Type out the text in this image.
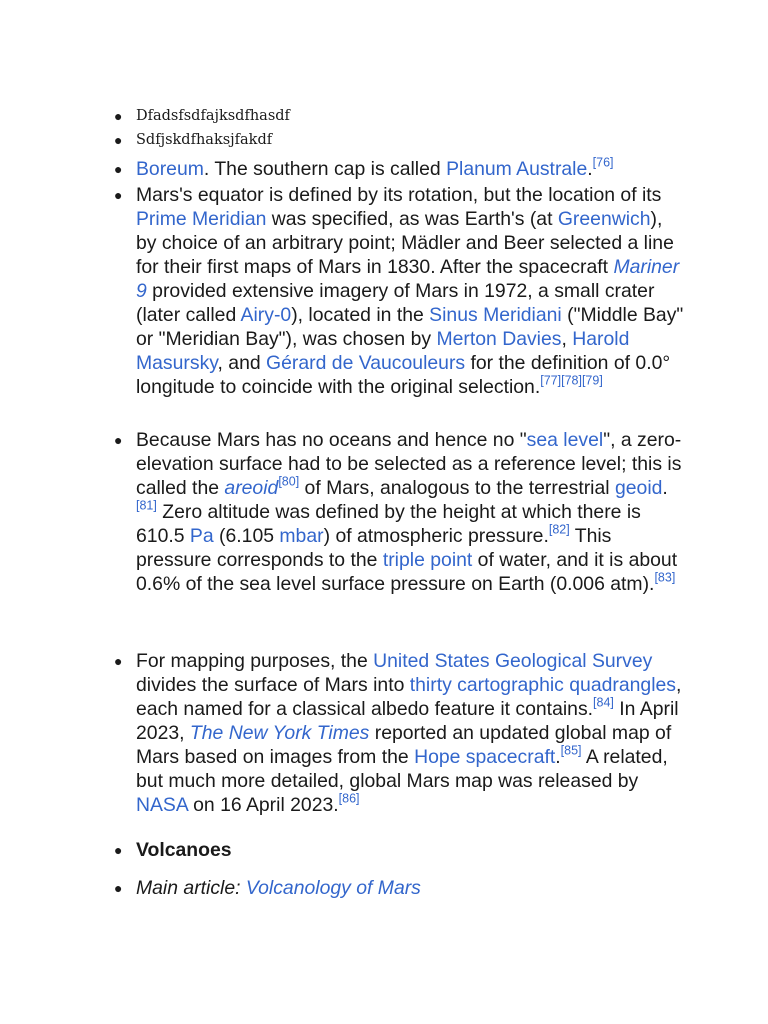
● Dfadsfsdfajksdfhasdf
● Sdfjskdfhaksjfakdf
● Boreum. The southern cap is called Planum Australe.[76]
● Mars's equator is defined by its rotation, but the location of its Prime Meridian was specified, as was Earth's (at Greenwich), by choice of an arbitrary point; Mädler and Beer selected a line for their first maps of Mars in 1830. After the spacecraft Mariner 9 provided extensive imagery of Mars in 1972, a small crater (later called Airy-0), located in the Sinus Meridiani ("Middle Bay" or "Meridian Bay"), was chosen by Merton Davies, Harold Masursky, and Gérard de Vaucouleurs for the definition of 0.0° longitude to coincide with the original selection.[77][78][79]
● Because Mars has no oceans and hence no "sea level", a zero-elevation surface had to be selected as a reference level; this is called the areoid[80] of Mars, analogous to the terrestrial geoid.[81] Zero altitude was defined by the height at which there is 610.5 Pa (6.105 mbar) of atmospheric pressure.[82] This pressure corresponds to the triple point of water, and it is about 0.6% of the sea level surface pressure on Earth (0.006 atm).[83]
● For mapping purposes, the United States Geological Survey divides the surface of Mars into thirty cartographic quadrangles, each named for a classical albedo feature it contains.[84] In April 2023, The New York Times reported an updated global map of Mars based on images from the Hope spacecraft.[85] A related, but much more detailed, global Mars map was released by NASA on 16 April 2023.[86]
● Volcanoes
● Main article: Volcanology of Mars
